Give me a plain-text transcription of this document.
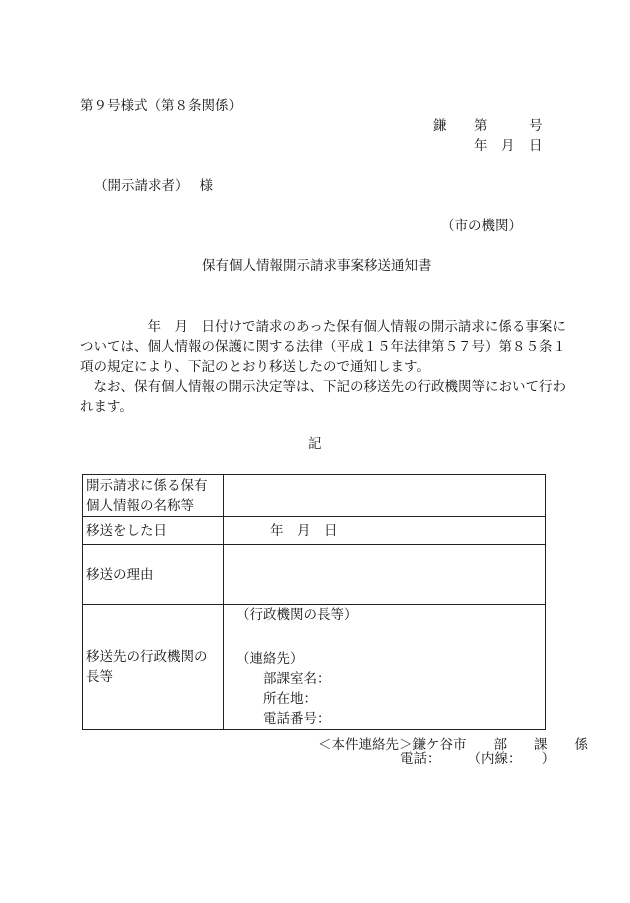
第９号様式（第８条関係）
鎌 第	号
年 月 日
（開示請求者）　 様
（市の機関）
保有個人情報開示請求事案移送通知書
　　　　　年　月　日付けで請求のあった保有個人情報の開示請求に係る事案に
ついては、個人情報の保護に関する法律（平成１５年法律第５７号）第８５条１
項の規定により、下記のとおり移送したので通知します。
　なお、保有個人情報の開示決定等は、下記の移送先の行政機関等において行わ
れます。
記
開示請求に係る保有
個人情報の名称等	

移送をした日	年　月　日
移送の理由	

移送先の行政機関の
長等	（行政機関の長等）
（連絡先）
　　部課室名：
　　所在地：
　　電話番号：
＜本件連絡先＞鎌ケ谷市　　部　　課　　係
電話：　　　（内線：　　）
